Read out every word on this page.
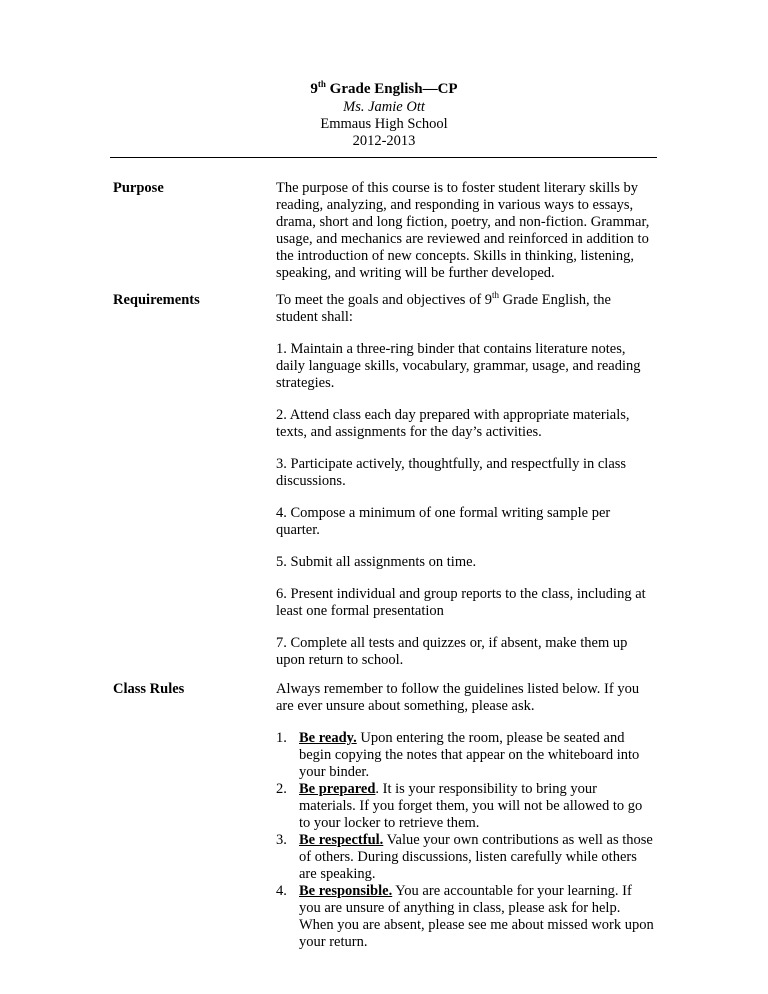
9th Grade English—CP
Ms. Jamie Ott
Emmaus High School
2012-2013
Purpose	The purpose of this course is to foster student literary skills by reading, analyzing, and responding in various ways to essays, drama, short and long fiction, poetry, and non-fiction. Grammar, usage, and mechanics are reviewed and reinforced in addition to the introduction of new concepts. Skills in thinking, listening, speaking, and writing will be further developed.

Requirements	To meet the goals and objectives of 9th Grade English, the student shall:

1. Maintain a three-ring binder that contains literature notes, daily language skills, vocabulary, grammar, usage, and reading strategies.

2. Attend class each day prepared with appropriate materials, texts, and assignments for the day’s activities.

3. Participate actively, thoughtfully, and respectfully in class discussions.

4. Compose a minimum of one formal writing sample per quarter.

5. Submit all assignments on time.

6. Present individual and group reports to the class, including at least one formal presentation

7. Complete all tests and quizzes or, if absent, make them up upon return to school.

Class Rules	Always remember to follow the guidelines listed below. If you are ever unsure about something, please ask.

1. Be ready. Upon entering the room, please be seated and begin copying the notes that appear on the whiteboard into your binder.
2. Be prepared. It is your responsibility to bring your materials. If you forget them, you will not be allowed to go to your locker to retrieve them.
3. Be respectful. Value your own contributions as well as those of others. During discussions, listen carefully while others are speaking.
4. Be responsible. You are accountable for your learning. If you are unsure of anything in class, please ask for help. When you are absent, please see me about missed work upon your return.
